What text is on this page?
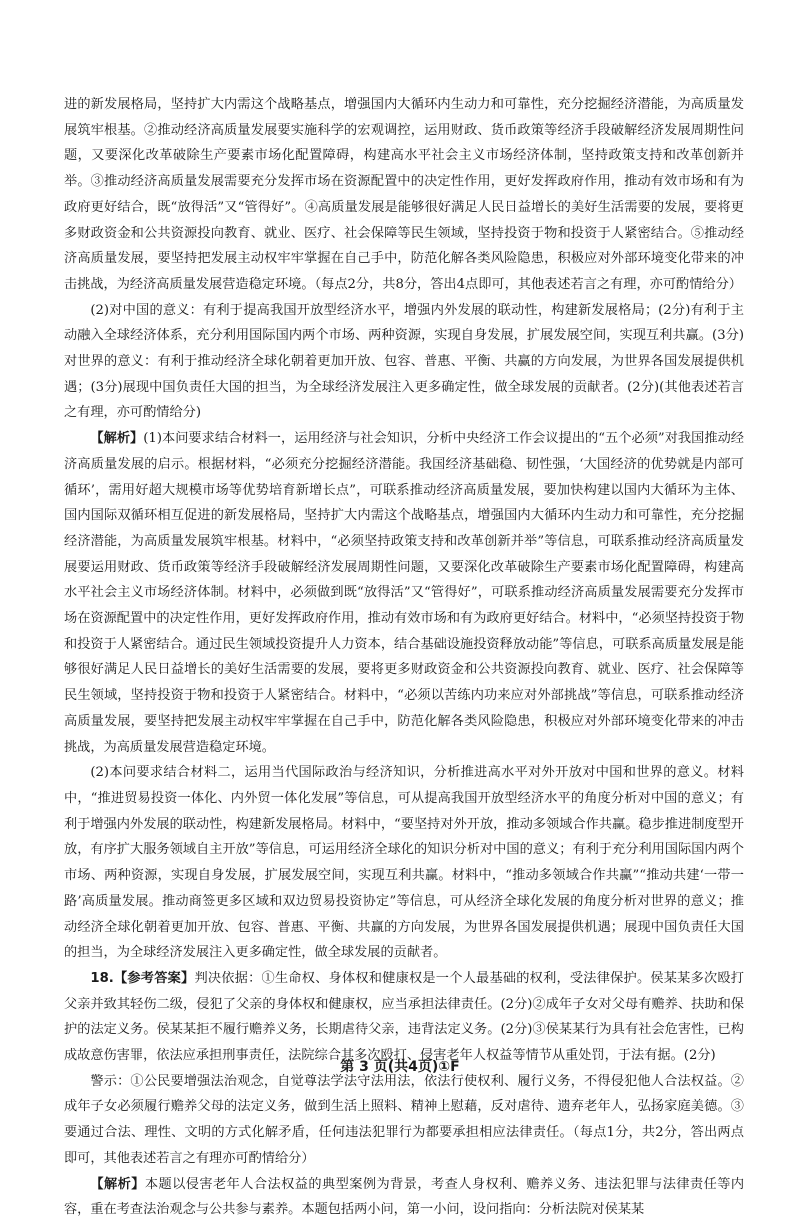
进的新发展格局，坚持扩大内需这个战略基点，增强国内大循环内生动力和可靠性，充分挖掘经济潜能，为高质量发展筑牢根基。②推动经济高质量发展要实施科学的宏观调控，运用财政、货币政策等经济手段破解经济发展周期性问题，又要深化改革破除生产要素市场化配置障碍，构建高水平社会主义市场经济体制，坚持政策支持和改革创新并举。③推动经济高质量发展需要充分发挥市场在资源配置中的决定性作用，更好发挥政府作用，推动有效市场和有为政府更好结合，既“放得活”又“管得好”。④高质量发展是能够很好满足人民日益增长的美好生活需要的发展，要将更多财政资金和公共资源投向教育、就业、医疗、社会保障等民生领域，坚持投资于物和投资于人紧密结合。⑤推动经济高质量发展，要坚持把发展主动权牢牢掌握在自己手中，防范化解各类风险隐患，积极应对外部环境变化带来的冲击挑战，为经济高质量发展营造稳定环境。（每点2分，共8分，答出4点即可，其他表述若言之有理，亦可酌情给分）

(2)对中国的意义：有利于提高我国开放型经济水平，增强内外发展的联动性，构建新发展格局；(2分)有利于主动融入全球经济体系，充分利用国际国内两个市场、两种资源，实现自身发展，扩展发展空间，实现互利共赢。(3分)对世界的意义：有利于推动经济全球化朝着更加开放、包容、普惠、平衡、共赢的方向发展，为世界各国发展提供机遇；(3分)展现中国负责任大国的担当，为全球经济发展注入更多确定性，做全球发展的贡献者。(2分)(其他表述若言之有理，亦可酌情给分)

【解析】(1)本问要求结合材料一，运用经济与社会知识，分析中央经济工作会议提出的“五个必须”对我国推动经济高质量发展的启示。根据材料，“必须充分挖掘经济潜能。我国经济基础稳、韧性强，‘大国经济的优势就是内部可循环’，需用好超大规模市场等优势培育新增长点”，可联系推动经济高质量发展，要加快构建以国内大循环为主体、国内国际双循环相互促进的新发展格局，坚持扩大内需这个战略基点，增强国内大循环内生动力和可靠性，充分挖掘经济潜能，为高质量发展筑牢根基。材料中，“必须坚持政策支持和改革创新并举”等信息，可联系推动经济高质量发展要运用财政、货币政策等经济手段破解经济发展周期性问题，又要深化改革破除生产要素市场化配置障碍，构建高水平社会主义市场经济体制。材料中，必须做到既“放得活”又“管得好”，可联系推动经济高质量发展需要充分发挥市场在资源配置中的决定性作用，更好发挥政府作用，推动有效市场和有为政府更好结合。材料中，“必须坚持投资于物和投资于人紧密结合。通过民生领域投资提升人力资本，结合基础设施投资释放动能”等信息，可联系高质量发展是能够很好满足人民日益增长的美好生活需要的发展，要将更多财政资金和公共资源投向教育、就业、医疗、社会保障等民生领域，坚持投资于物和投资于人紧密结合。材料中，“必须以苦练内功来应对外部挑战”等信息，可联系推动经济高质量发展，要坚持把发展主动权牢牢掌握在自己手中，防范化解各类风险隐患，积极应对外部环境变化带来的冲击挑战，为高质量发展营造稳定环境。

(2)本问要求结合材料二，运用当代国际政治与经济知识，分析推进高水平对外开放对中国和世界的意义。材料中，“推进贸易投资一体化、内外贸一体化发展”等信息，可从提高我国开放型经济水平的角度分析对中国的意义；有利于增强内外发展的联动性，构建新发展格局。材料中，“要坚持对外开放，推动多领域合作共赢。稳步推进制度型开放，有序扩大服务领域自主开放”等信息，可运用经济全球化的知识分析对中国的意义；有利于充分利用国际国内两个市场、两种资源，实现自身发展，扩展发展空间，实现互利共赢。材料中，“推动多领域合作共赢”“推动共建‘一带一路’高质量发展。推动商签更多区域和双边贸易投资协定”等信息，可从经济全球化发展的角度分析对世界的意义；推动经济全球化朝着更加开放、包容、普惠、平衡、共赢的方向发展，为世界各国发展提供机遇；展现中国负责任大国的担当，为全球经济发展注入更多确定性，做全球发展的贡献者。

18.【参考答案】判决依据：①生命权、身体权和健康权是一个人最基础的权利，受法律保护。侯某某多次殴打父亲并致其轻伤二级，侵犯了父亲的身体权和健康权，应当承担法律责任。(2分)②成年子女对父母有赡养、扶助和保护的法定义务。侯某某拒不履行赡养义务，长期虐待父亲，违背法定义务。(2分)③侯某某行为具有社会危害性，已构成故意伤害罪，依法应承担刑事责任，法院综合其多次殴打、侵害老年人权益等情节从重处罚，于法有据。(2分)

警示：①公民要增强法治观念，自觉尊法学法守法用法，依法行使权利、履行义务，不得侵犯他人合法权益。②成年子女必须履行赡养父母的法定义务，做到生活上照料、精神上慰藉，反对虐待、遗弃老年人，弘扬家庭美德。③要通过合法、理性、文明的方式化解矛盾，任何违法犯罪行为都要承担相应法律责任。（每点1分，共2分，答出两点即可，其他表述若言之有理亦可酌情给分）

【解析】本题以侵害老年人合法权益的典型案例为背景，考查人身权利、赡养义务、违法犯罪与法律责任等内容，重在考查法治观念与公共参与素养。本题包括两小问，第一小问，设问指向：分析法院对侯某某

第 3 页(共4页)①F
